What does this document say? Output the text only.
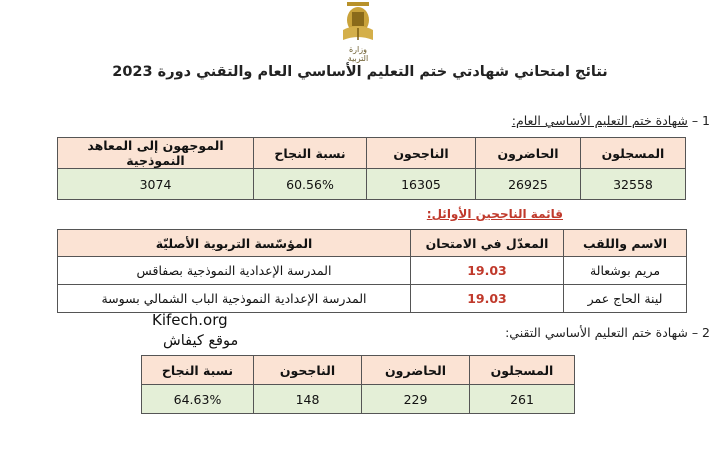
وزارة التربية
نتائج امتحاني شهادتي ختم التعليم الأساسي العام والتقني دورة 2023
1 – شهادة ختم التعليم الأساسي العام:
المسجلون	الحاضرون	الناجحون	نسبة النجاح	الموجهون إلى المعاهد النموذجية
32558	26925	16305	60.56%	3074
قائمة الناجحين الأوائل:
الاسم واللقب	المعدّل في الامتحان	المؤسّسة التربوية الأصليّة
مريم بوشعالة	19.03	المدرسة الإعدادية النموذجية بصفاقس
لينة الحاج عمر	19.03	المدرسة الإعدادية النموذجية الباب الشمالي بسوسة
Kifech.org
موقع كيفاش
2 – شهادة ختم التعليم الأساسي التقني:
المسجلون	الحاضرون	الناجحون	نسبة النجاح
261	229	148	64.63%
